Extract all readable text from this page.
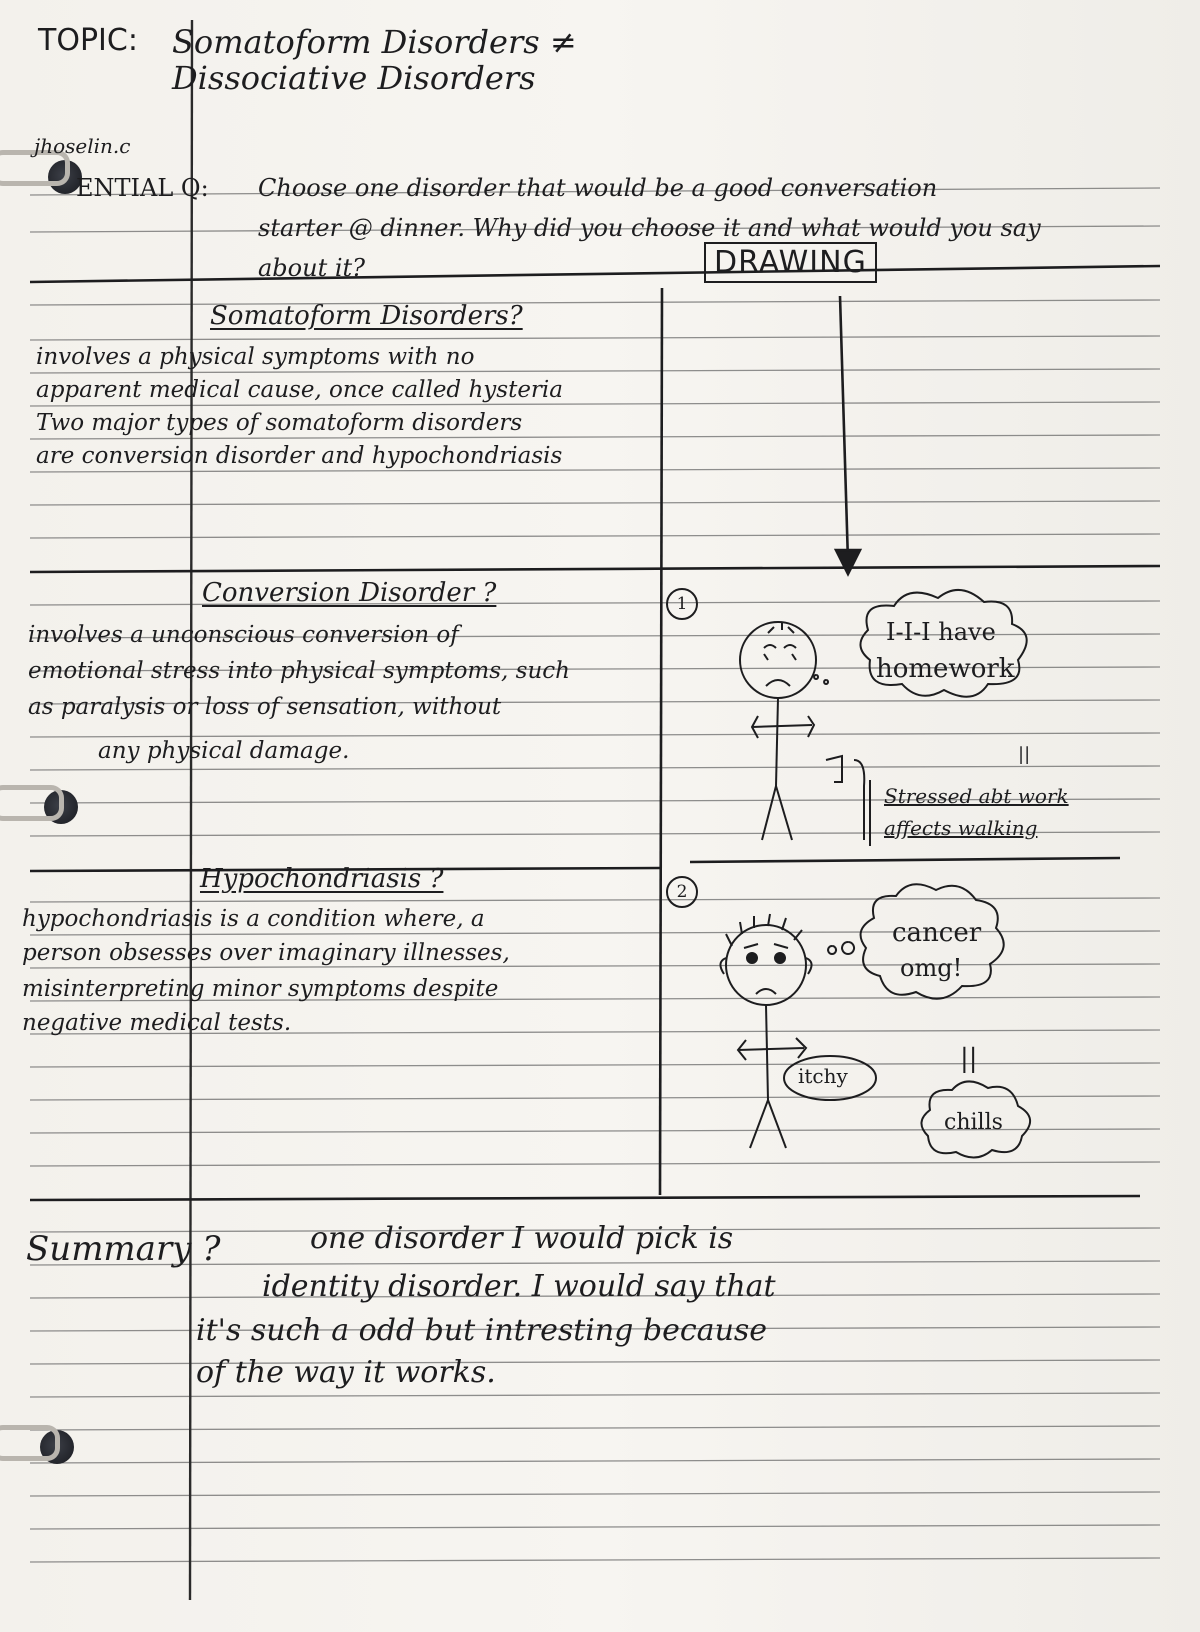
TOPIC: Somatoform Disorders ≠
Dissociative Disorders
jhoselin.c
ENTIAL Q: Choose one disorder that would be a good conversation
starter @ dinner. Why did you choose it and what would you say
about it?	DRAWING
Somatoform Disorders?
involves a physical symptoms with no
apparent medical cause, once called hysteria
Two major types of somatoform disorders
are conversion disorder and hypochondriasis
Conversion Disorder ?
involves a unconscious conversion of
emotional stress into physical symptoms, such
as paralysis or loss of sensation, without
any physical damage.
Hypochondriasis ?
hypochondriasis is a condition where, a
person obsesses over imaginary illnesses,
misinterpreting minor symptoms despite
negative medical tests.
1
I-I-I have
homework
||
Stressed abt work
affects walking
2
cancer
omg!
itchy
||
chills
Summary ?	one disorder I would pick is
identity disorder. I would say that
it's such a odd but intresting because
of the way it works.
